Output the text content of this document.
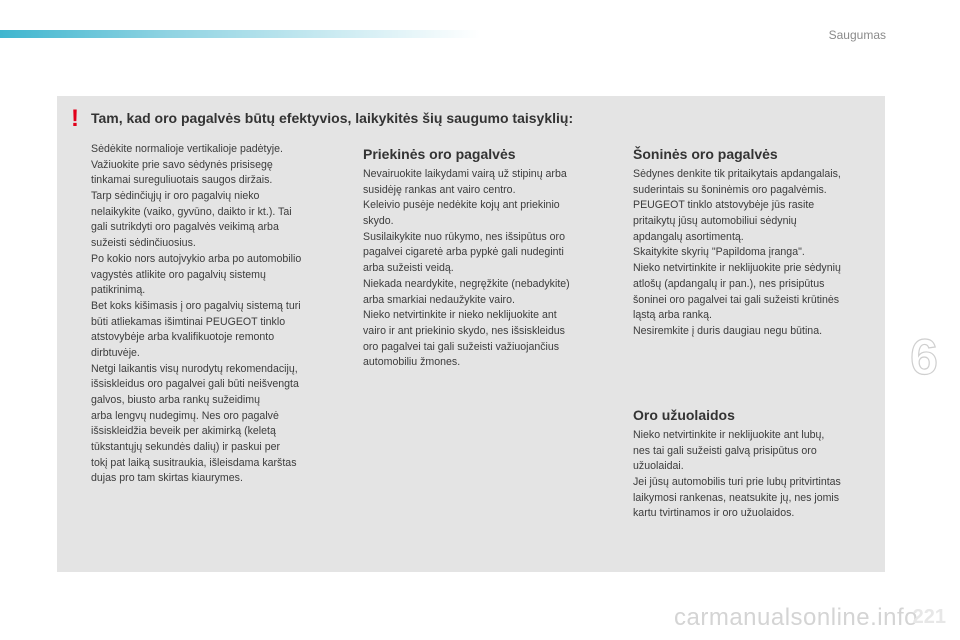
Saugumas
! Tam, kad oro pagalvės būtų efektyvios, laikykitės šių saugumo taisyklių:
Sėdėkite normalioje vertikalioje padėtyje.
Važiuokite prie savo sėdynės prisisegę
tinkamai sureguliuotais saugos diržais.
Tarp sėdinčiųjų ir oro pagalvių nieko
nelaikykite (vaiko, gyvūno, daikto ir kt.). Tai
gali sutrikdyti oro pagalvės veikimą arba
sužeisti sėdinčiuosius.
Po kokio nors autojvykio arba po automobilio
vagystės atlikite oro pagalvių sistemų
patikrinimą.
Bet koks kišimasis į oro pagalvių sistemą turi
būti atliekamas išimtinai PEUGEOT tinklo
atstovybėje arba kvalifikuotoje remonto
dirbtuvėje.
Netgi laikantis visų nurodytų rekomendacijų,
išsiskleidus oro pagalvei gali būti neišvengta
galvos, biusto arba rankų sužeidimų
arba lengvų nudegimų. Nes oro pagalvė
išsiskleidžia beveik per akimirką (keletą
tūkstantųjų sekundės dalių) ir paskui per
tokį pat laiką susitraukia, išleisdama karštas
dujas pro tam skirtas kiaurymes.
Priekinės oro pagalvės
Nevairuokite laikydami vairą už stipinų arba
susidėję rankas ant vairo centro.
Keleivio pusėje nedėkite kojų ant priekinio
skydo.
Susilaikykite nuo rūkymo, nes išsipūtus oro
pagalvei cigaretė arba pypkė gali nudeginti
arba sužeisti veidą.
Niekada neardykite, negręžkite (nebadykite)
arba smarkiai nedaužykite vairo.
Nieko netvirtinkite ir nieko neklijuokite ant
vairo ir ant priekinio skydo, nes išsiskleidus
oro pagalvei tai gali sužeisti važiuojančius
automobiliu žmones.
Šoninės oro pagalvės
Sėdynes denkite tik pritaikytais apdangalais,
suderintais su šoninėmis oro pagalvėmis.
PEUGEOT tinklo atstovybėje jūs rasite
pritaikytų jūsų automobiliui sėdynių
apdangalų asortimentą.
Skaitykite skyrių "Papildoma įranga".
Nieko netvirtinkite ir neklijuokite prie sėdynių
atlošų (apdangalų ir pan.), nes prisipūtus
šoninei oro pagalvei tai gali sužeisti krūtinės
ląstą arba ranką.
Nesiremkite į duris daugiau negu būtina.
Oro užuolaidos
Nieko netvirtinkite ir neklijuokite ant lubų,
nes tai gali sužeisti galvą prisipūtus oro
užuolaidai.
Jei jūsų automobilis turi prie lubų pritvirtintas
laikymosi rankenas, neatsukite jų, nes jomis
kartu tvirtinamos ir oro užuolaidos.
6
carmanualsonline.info
221
